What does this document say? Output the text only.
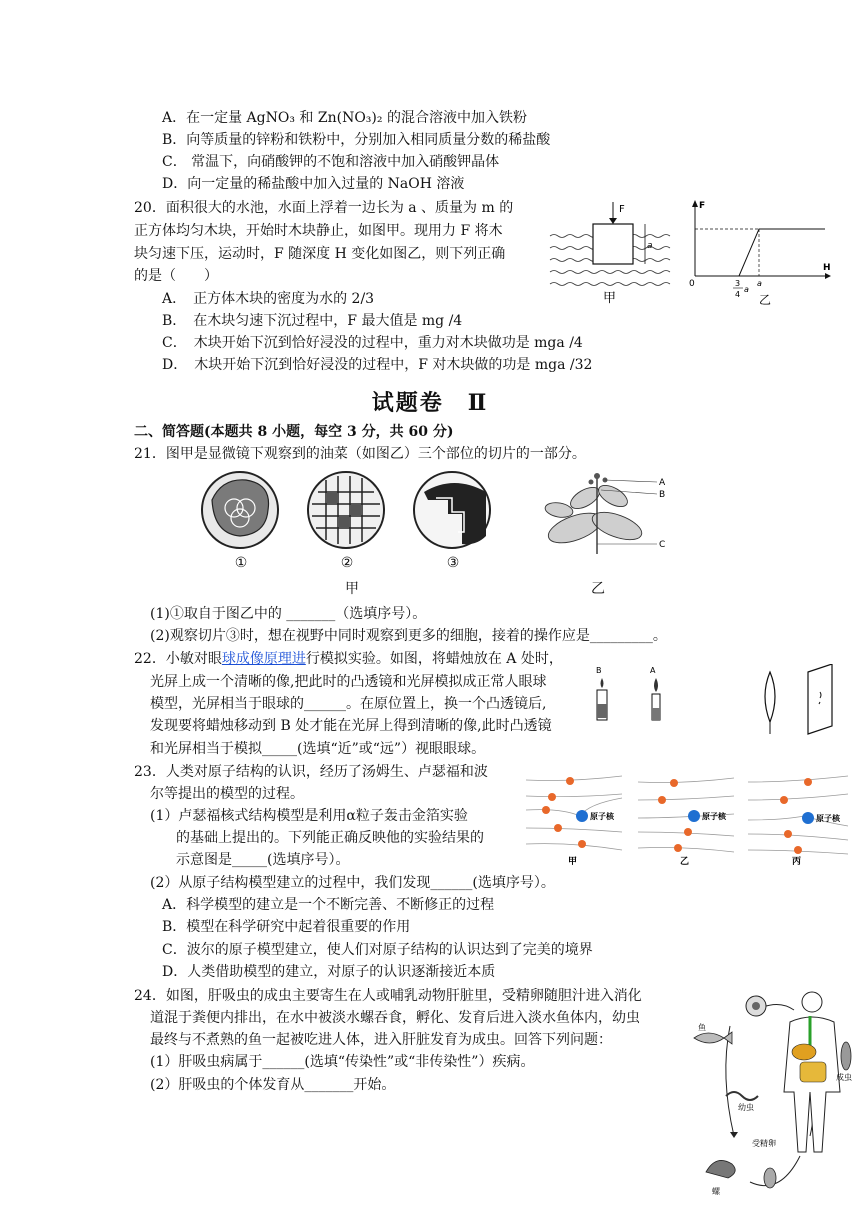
A．在一定量 AgNO₃ 和 Zn(NO₃)₂ 的混合溶液中加入铁粉
B．向等质量的锌粉和铁粉中，分别加入相同质量分数的稀盐酸
C． 常温下，向硝酸钾的不饱和溶液中加入硝酸钾晶体
D．向一定量的稀盐酸中加入过量的 NaOH 溶液
20．面积很大的水池，水面上浮着一边长为 a 、质量为 m 的
正方体均匀木块，开始时木块静止，如图甲。现用力 F 将木
块匀速下压，运动时，F 随深度 H 变化如图乙，则下列正确
的是（　　）
A．　正方体木块的密度为水的 2/3
B．　在木块匀速下沉过程中，F 最大值是 mg /4
C．　木块开始下沉到恰好浸没的过程中，重力对木块做功是 mga /4
D．　木块开始下沉到恰好浸没的过程中，F 对木块做的功是 mga /32
F
a
甲
F
H
0	3
4
a
a
乙
试题卷　Ⅱ
二、简答题(本题共 8 小题，每空 3 分，共 60 分)
21．图甲是显微镜下观察到的油菜（如图乙）三个部位的切片的一部分。
A
B
C
①	②	③
甲	乙
(1)①取自于图乙中的 _______（选填序号）。
(2)观察切片③时，想在视野中同时观察到更多的细胞，接着的操作应是_________。
22．小敏对眼球成像原理进行模拟实验。如图，将蜡烛放在 A 处时，
光屏上成一个清晰的像,把此时的凸透镜和光屏模拟成正常人眼球
模型，光屏相当于眼球的______。在原位置上，换一个凸透镜后,
发现要将蜡烛移动到 B 处才能在光屏上得到清晰的像,此时凸透镜
和光屏相当于模拟_____(选填“近”或“远”）视眼眼球。
B	A
23．人类对原子结构的认识，经历了汤姆生、卢瑟福和波
尔等提出的模型的过程。
(1）卢瑟福核式结构模型是利用α粒子轰击金箔实验
的基础上提出的。下列能正确反映他的实验结果的
示意图是_____(选填序号）。
(2）从原子结构模型建立的过程中，我们发现______(选填序号）。
A．科学模型的建立是一个不断完善、不断修正的过程
B．模型在科学研究中起着很重要的作用
C．波尔的原子模型建立，使人们对原子结构的认识达到了完美的境界
D．人类借助模型的建立，对原子的认识逐渐接近本质
原子核
甲
原子核
乙
原子核
丙
24．如图，肝吸虫的成虫主要寄生在人或哺乳动物肝脏里，受精卵随胆汁进入消化
道混于粪便内排出，在水中被淡水螺吞食，孵化、发育后进入淡水鱼体内，幼虫
最终与不煮熟的鱼一起被吃进人体，进入肝脏发育为成虫。回答下列问题：
(1）肝吸虫病属于______(选填“传染性”或“非传染性”）疾病。
(2）肝吸虫的个体发育从_______开始。
鱼
幼虫
螺
受精卵
成虫
